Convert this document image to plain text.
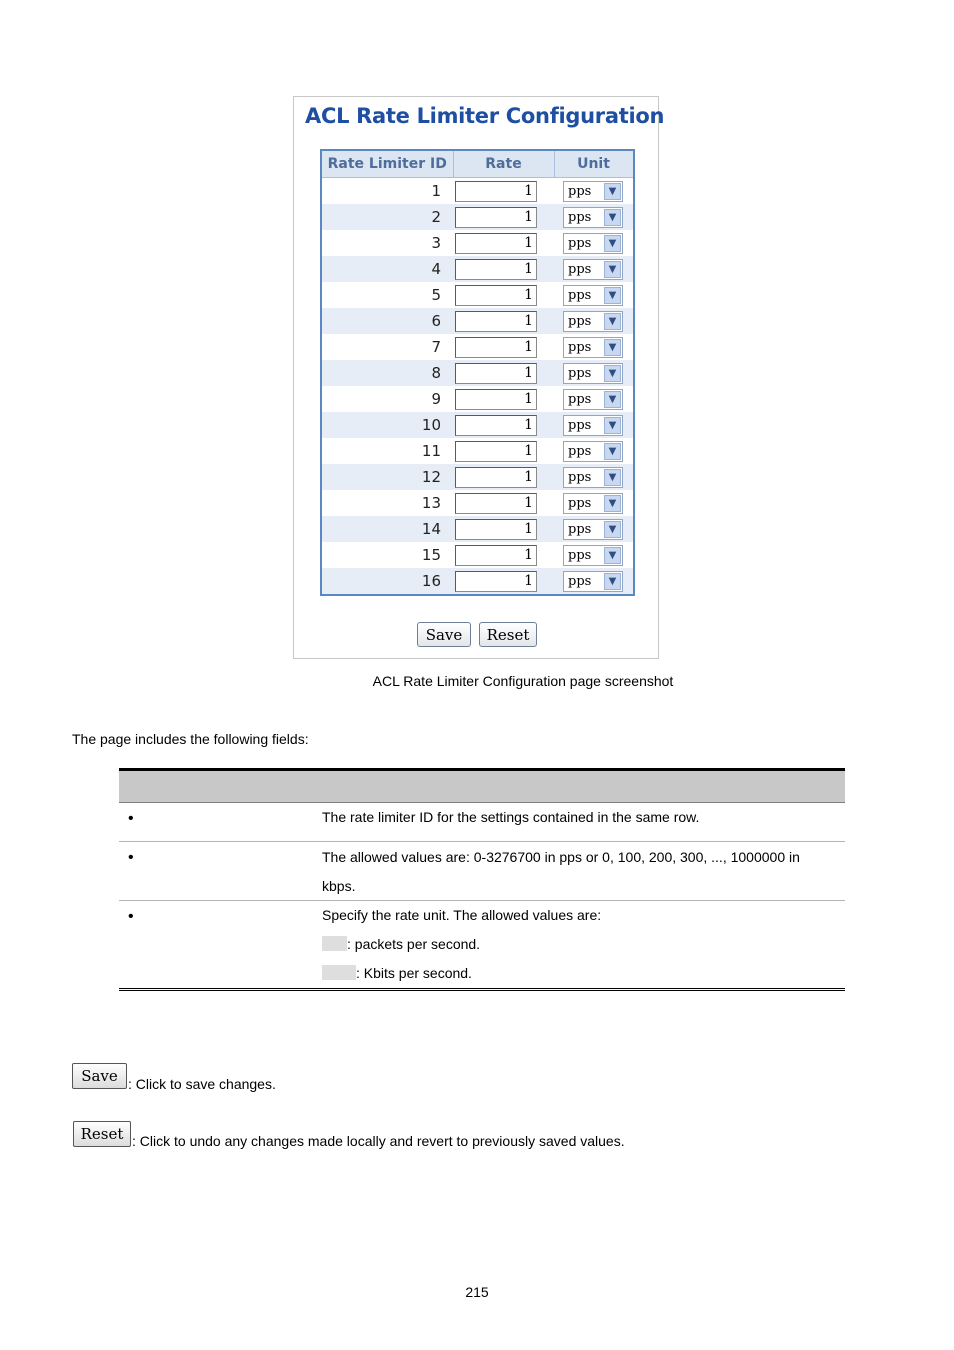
ACL Rate Limiter Configuration
Rate Limiter ID	Rate	Unit
1	1	pps ▼

2	1	pps ▼

3	1	pps ▼

4	1	pps ▼

5	1	pps ▼

6	1	pps ▼

7	1	pps ▼

8	1	pps ▼

9	1	pps ▼

10	1	pps ▼

11	1	pps ▼

12	1	pps ▼

13	1	pps ▼

14	1	pps ▼

15	1	pps ▼

16	1	pps ▼
Save	Reset

ACL Rate Limiter Configuration page screenshot

The page includes the following fields:

•	The rate limiter ID for the settings contained in the same row.
•	The allowed values are: 0-3276700 in pps or 0, 100, 200, 300, ..., 1000000 in
kbps.
•	Specify the rate unit. The allowed values are:
: packets per second.
: Kbits per second.
Save : Click to save changes.

Reset : Click to undo any changes made locally and revert to previously saved values.

215
